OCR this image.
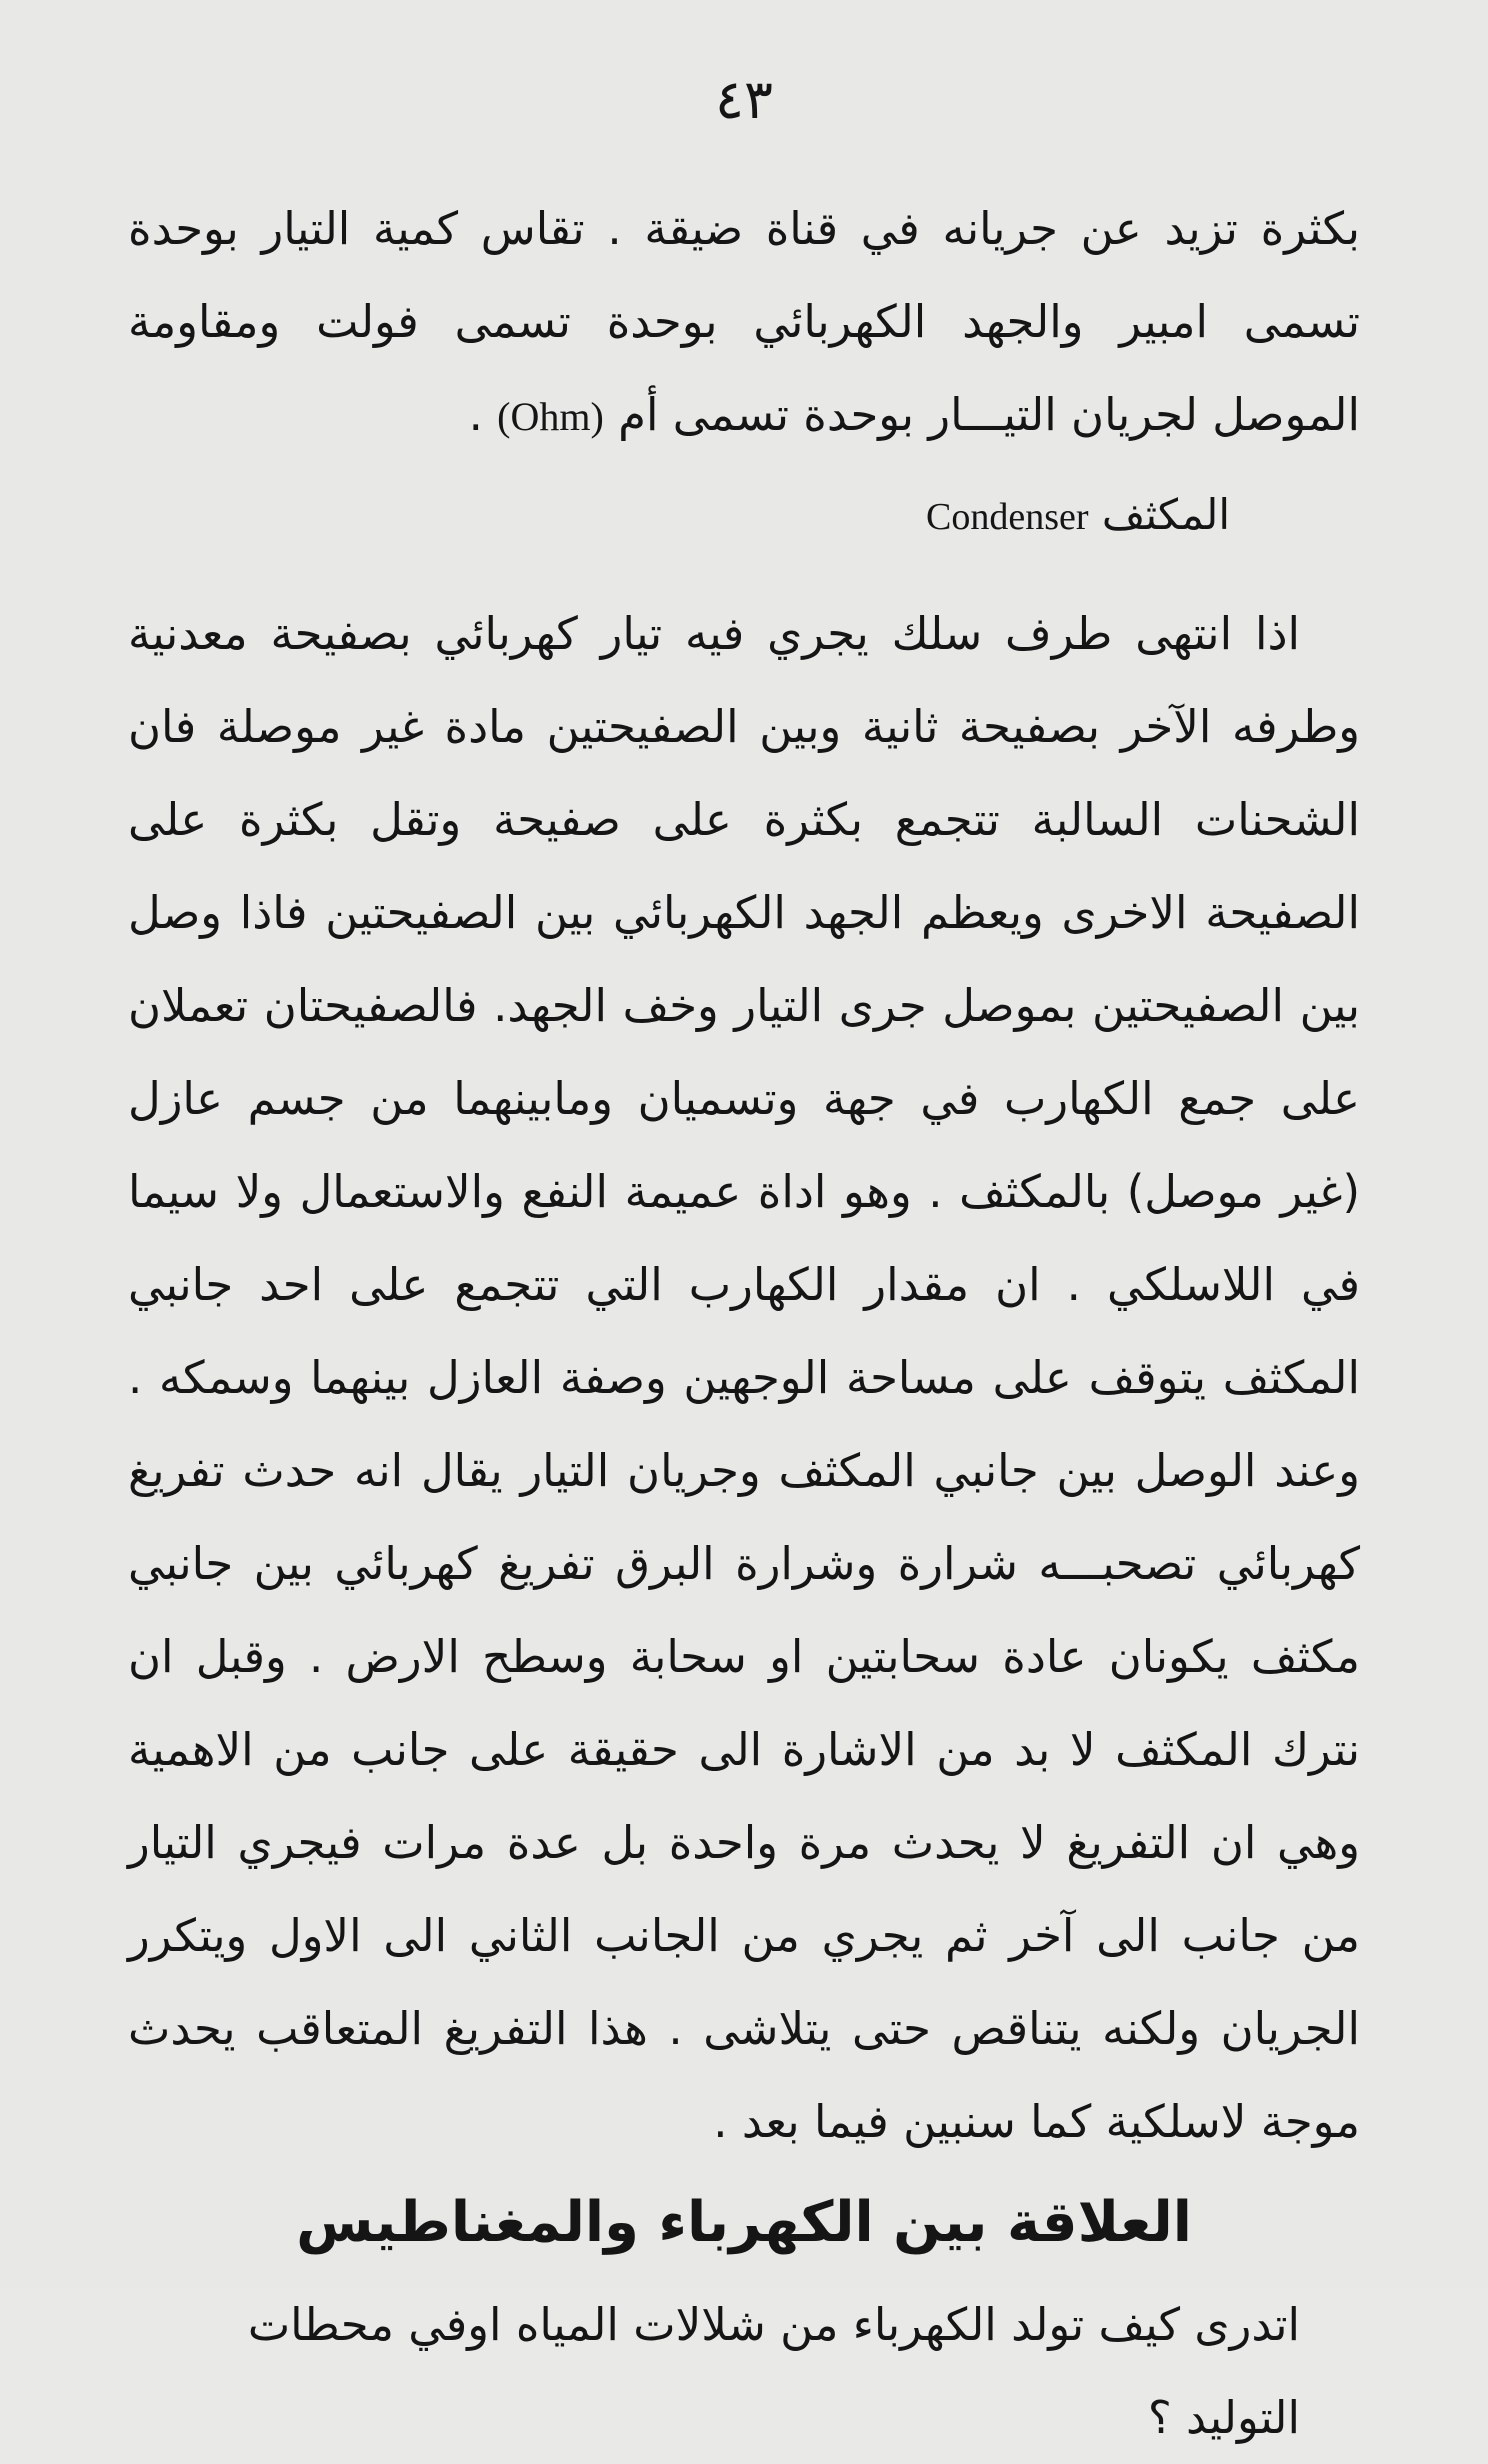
٤٣

بكثرة تزيد عن جريانه في قناة ضيقة . تقاس كمية التيار بوحدة تسمى امبير والجهد الكهربائي بوحدة تسمى فولت ومقاومة الموصل لجريان التيـــار بوحدة تسمى أم (Ohm) .

المكثف Condenser

اذا انتهى طرف سلك يجري فيه تيار كهربائي بصفيحة معدنية وطرفه الآخر بصفيحة ثانية وبين الصفيحتين مادة غير موصلة فان الشحنات السالبة تتجمع بكثرة على صفيحة وتقل بكثرة على الصفيحة الاخرى ويعظم الجهد الكهربائي بين الصفيحتين فاذا وصل بين الصفيحتين بموصل جرى التيار وخف الجهد. فالصفيحتان تعملان على جمع الكهارب في جهة وتسميان ومابينهما من جسم عازل (غير موصل) بالمكثف . وهو اداة عميمة النفع والاستعمال ولا سيما في اللاسلكي . ان مقدار الكهارب التي تتجمع على احد جانبي المكثف يتوقف على مساحة الوجهين وصفة العازل بينهما وسمكه . وعند الوصل بين جانبي المكثف وجريان التيار يقال انه حدث تفريغ كهربائي تصحبـــه شرارة وشرارة البرق تفريغ كهربائي بين جانبي مكثف يكونان عادة سحابتين او سحابة وسطح الارض . وقبل ان نترك المكثف لا بد من الاشارة الى حقيقة على جانب من الاهمية وهي ان التفريغ لا يحدث مرة واحدة بل عدة مرات فيجري التيار من جانب الى آخر ثم يجري من الجانب الثاني الى الاول ويتكرر الجريان ولكنه يتناقص حتى يتلاشى . هذا التفريغ المتعاقب يحدث موجة لاسلكية كما سنبين فيما بعد .

العلاقة بين الكهرباء والمغناطيس

اتدرى كيف تولد الكهرباء من شلالات المياه اوفي محطات التوليد ؟
